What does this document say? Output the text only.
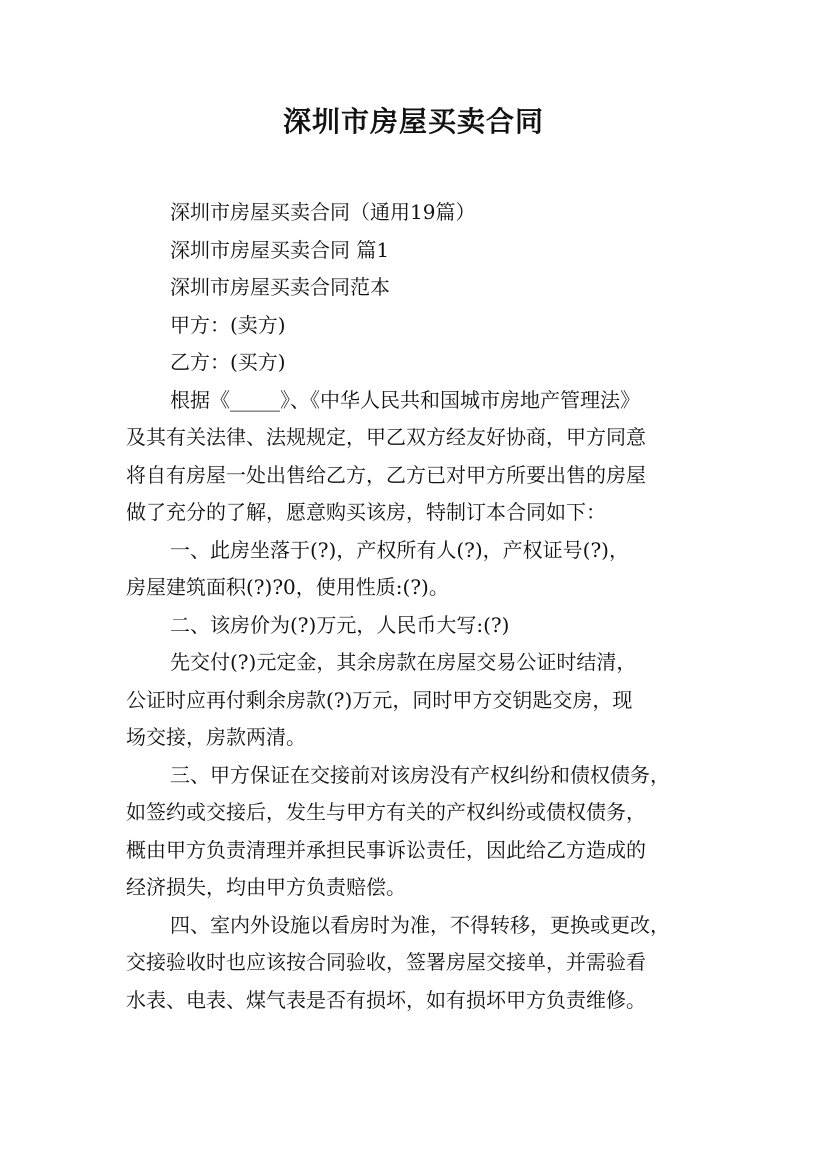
深圳市房屋买卖合同
深圳市房屋买卖合同（通用19篇）
深圳市房屋买卖合同 篇1
深圳市房屋买卖合同范本
甲方：(卖方)
乙方：(买方)
根据《_____》、《中华人民共和国城市房地产管理法》
及其有关法律、法规规定，甲乙双方经友好协商，甲方同意
将自有房屋一处出售给乙方，乙方已对甲方所要出售的房屋
做了充分的了解，愿意购买该房，特制订本合同如下：
一、此房坐落于(?)，产权所有人(?)，产权证号(?)，
房屋建筑面积(?)?0，使用性质:(?)。
二、该房价为(?)万元，人民币大写:(?)
先交付(?)元定金，其余房款在房屋交易公证时结清，
公证时应再付剩余房款(?)万元，同时甲方交钥匙交房，现
场交接，房款两清。
三、甲方保证在交接前对该房没有产权纠纷和债权债务，
如签约或交接后，发生与甲方有关的产权纠纷或债权债务，
概由甲方负责清理并承担民事诉讼责任，因此给乙方造成的
经济损失，均由甲方负责赔偿。
四、室内外设施以看房时为准，不得转移，更换或更改，
交接验收时也应该按合同验收，签署房屋交接单，并需验看
水表、电表、煤气表是否有损坏，如有损坏甲方负责维修。
